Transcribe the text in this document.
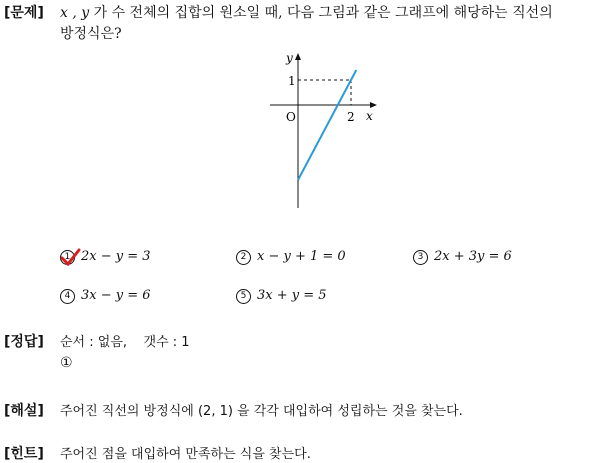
[문제] x , y 가 수 전체의 집합의 원소일 때, 다음 그림과 같은 그래프에 해당하는 직선의
방정식은?
y
x
O
1
2
1 2x − y = 3	2 x − y + 1 = 0	3 2x + 3y = 6
4 3x − y = 6	5 3x + y = 5
[정답] 순서 : 없음,    갯수 : 1
①
[해설] 주어진 직선의 방정식에 (2, 1) 을 각각 대입하여 성립하는 것을 찾는다.
[힌트] 주어진 점을 대입하여 만족하는 식을 찾는다.
